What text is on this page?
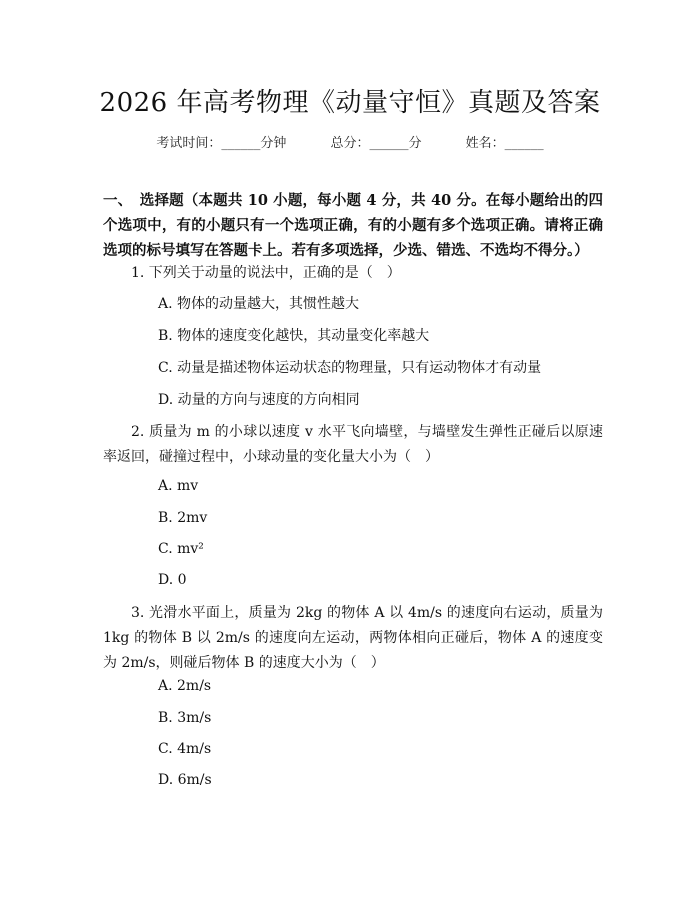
2026 年高考物理《动量守恒》真题及答案
考试时间：______分钟	总分：______分	姓名：______
一、　选择题（本题共 10 小题，每小题 4 分，共 40 分。在每小题给出的四个选项中，有的小题只有一个选项正确，有的小题有多个选项正确。请将正确选项的标号填写在答题卡上。若有多项选择，少选、错选、不选均不得分。）
1. 下列关于动量的说法中，正确的是（　）
A. 物体的动量越大，其惯性越大
B. 物体的速度变化越快，其动量变化率越大
C. 动量是描述物体运动状态的物理量，只有运动物体才有动量
D. 动量的方向与速度的方向相同
2. 质量为 m 的小球以速度 v 水平飞向墙壁，与墙壁发生弹性正碰后以原速率返回，碰撞过程中，小球动量的变化量大小为（　）
A. mv
B. 2mv
C. mv²
D. 0
3. 光滑水平面上，质量为 2kg 的物体 A 以 4m/s 的速度向右运动，质量为 1kg 的物体 B 以 2m/s 的速度向左运动，两物体相向正碰后，物体 A 的速度变为 2m/s，则碰后物体 B 的速度大小为（　）
A. 2m/s
B. 3m/s
C. 4m/s
D. 6m/s
